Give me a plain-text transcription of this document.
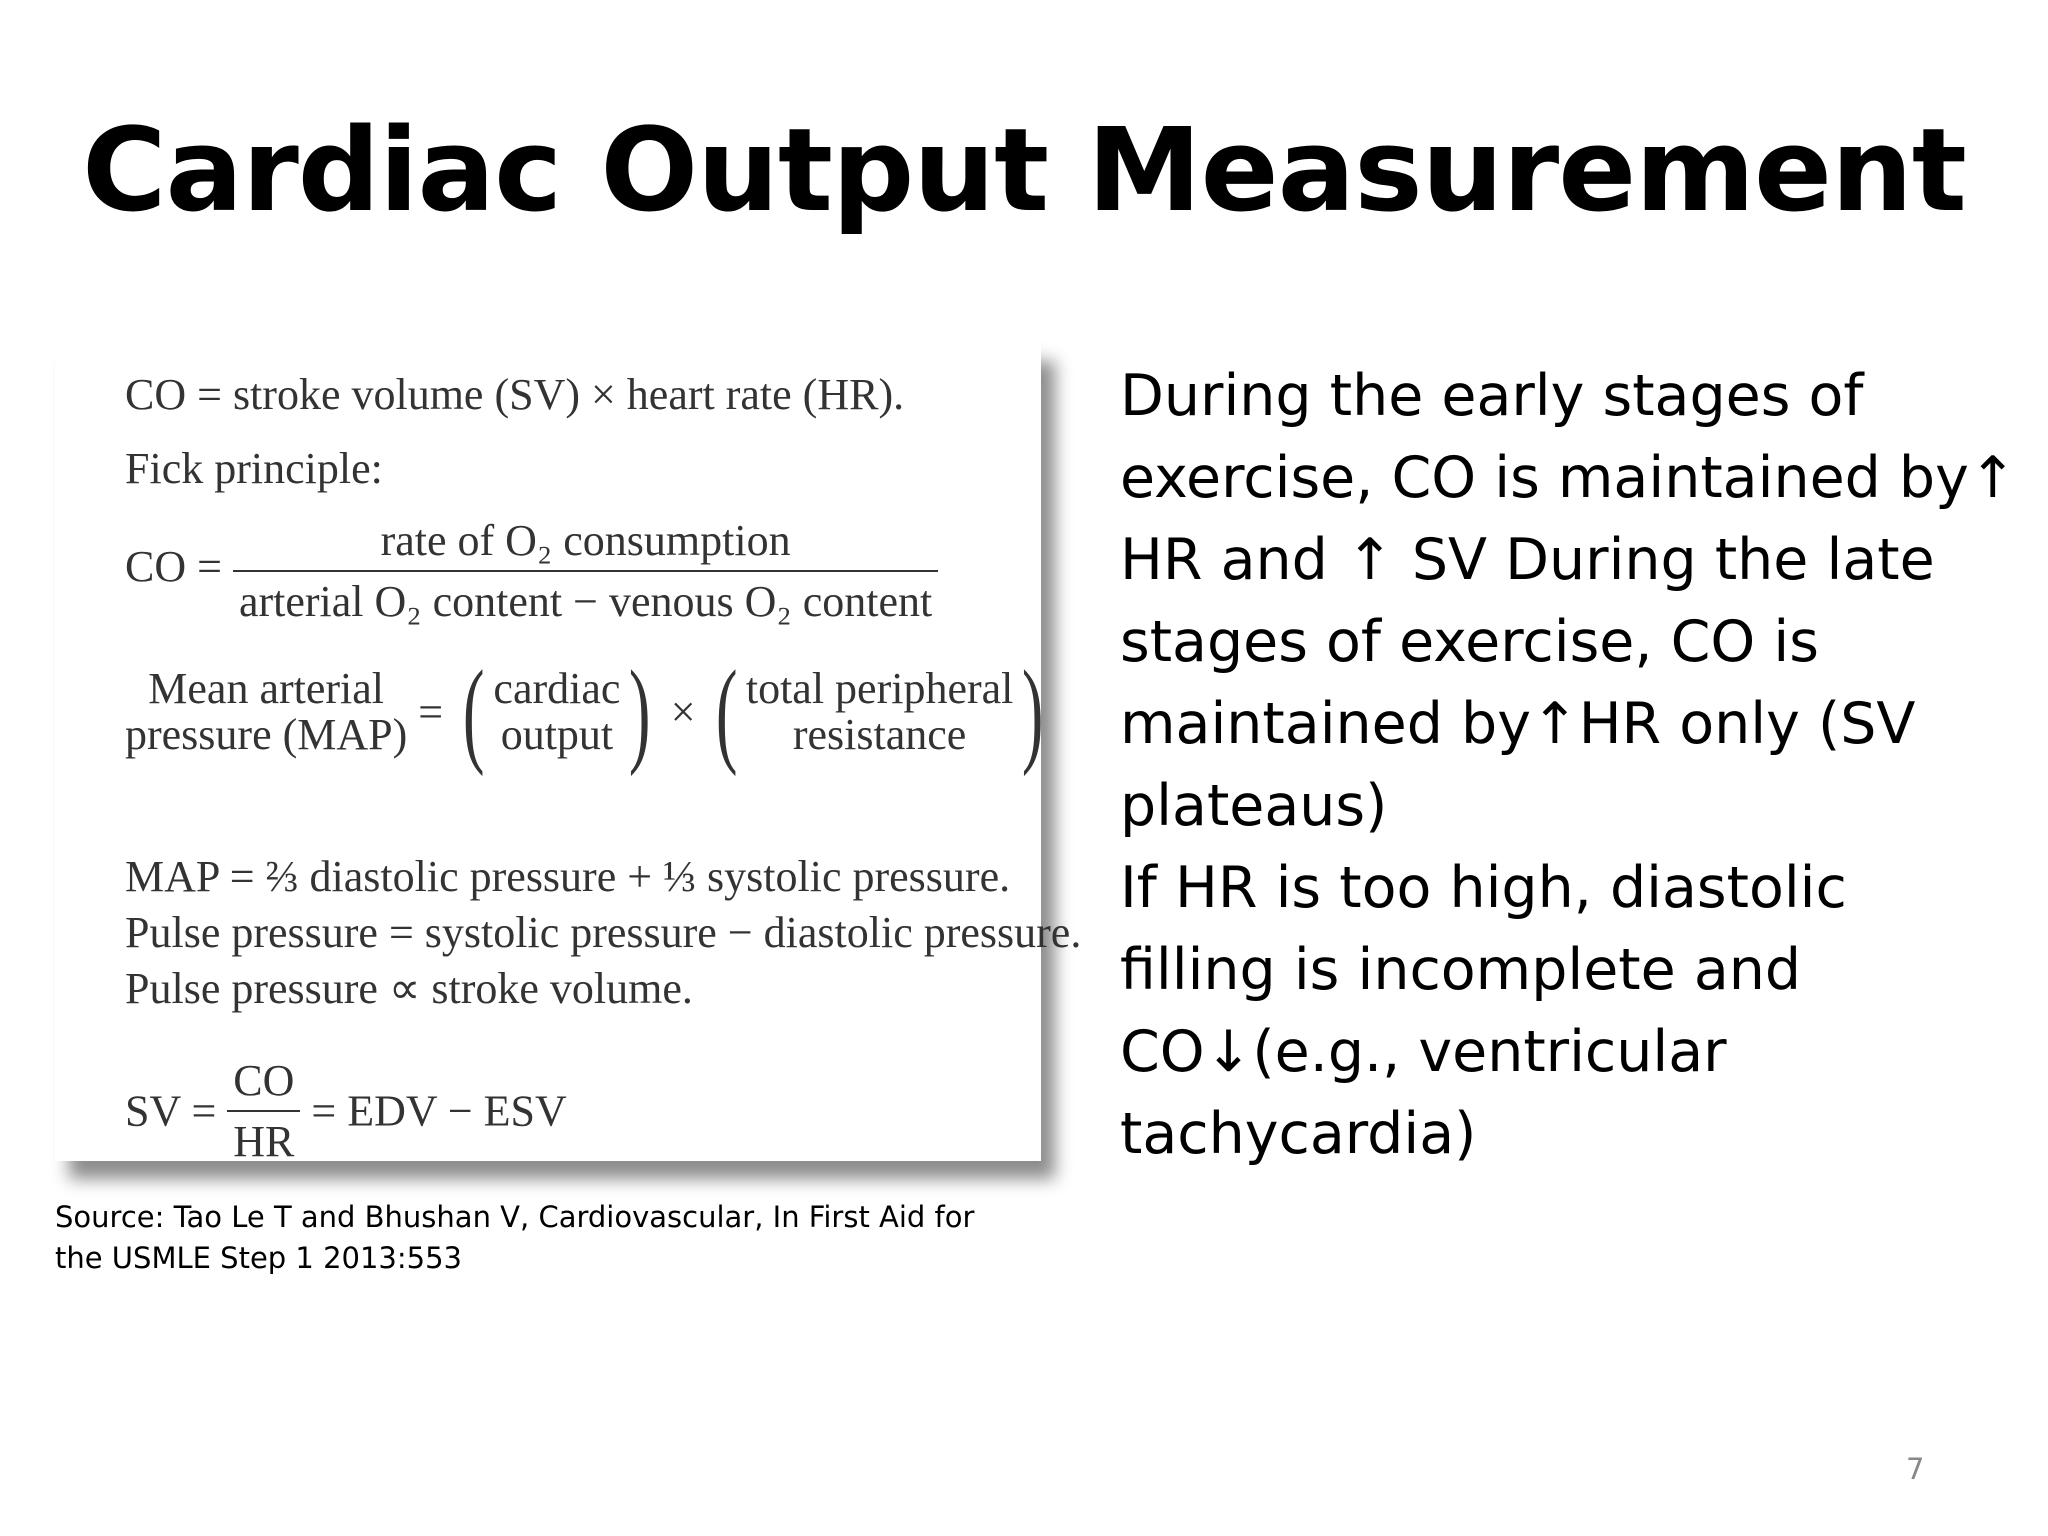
Cardiac Output Measurement
CO = stroke volume (SV) × heart rate (HR).
Fick principle:
CO = $\frac{\text{rate of O₂ consumption}}{\text{arterial O₂ content − venous O₂ content}}$
Mean arterial
pressure (MAP) = ( cardiac
output ) × ( total peripheral
resistance )
MAP = ⅔ diastolic pressure + ⅓ systolic pressure.
Pulse pressure = systolic pressure − diastolic pressure.
Pulse pressure ∝ stroke volume.
SV = $\frac{CO}{HR}$ = EDV − ESV
During the early stages of exercise, CO is maintained by↑ HR and ↑ SV During the late stages of exercise, CO is maintained by↑HR only (SV plateaus)
If HR is too high, diastolic filling is incomplete and CO↓(e.g., ventricular tachycardia)
Source: Tao Le T and Bhushan V, Cardiovascular, In First Aid for the USMLE Step 1 2013:553
7
